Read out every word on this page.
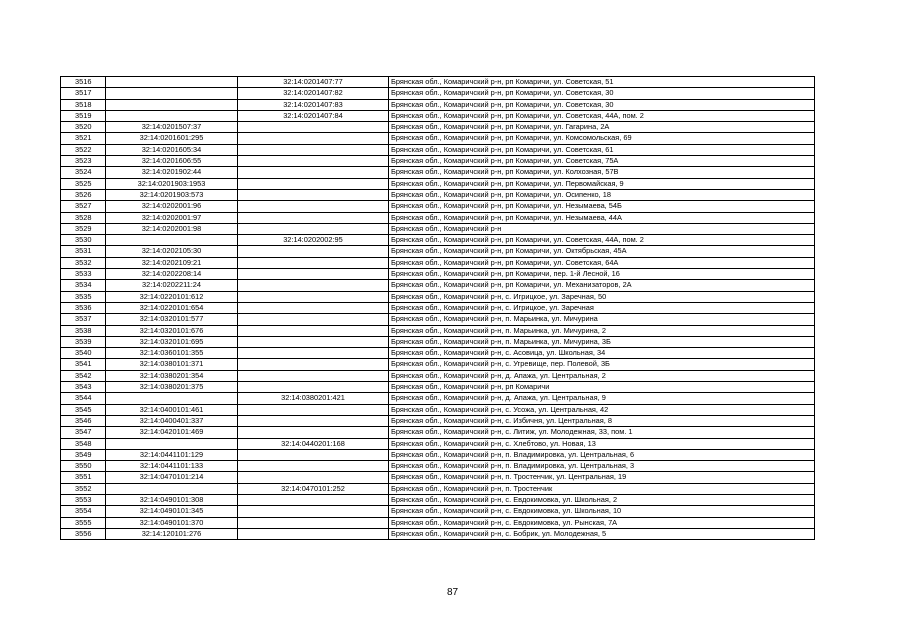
3516		32:14:0201407:77	Брянская обл., Комаричский р-н, рп Комаричи, ул. Советская, 51
3517		32:14:0201407:82	Брянская обл., Комаричский р-н, рп Комаричи, ул. Советская, 30
3518		32:14:0201407:83	Брянская обл., Комаричский р-н, рп Комаричи, ул. Советская, 30
3519		32:14:0201407:84	Брянская обл., Комаричский р-н, рп Комаричи, ул. Советская, 44А, пом. 2
3520	32:14:0201507:37		Брянская обл., Комаричский р-н, рп Комаричи, ул. Гагарина, 2А
3521	32:14:0201601:295		Брянская обл., Комаричский р-н, рп Комаричи, ул. Комсомольская, 69
3522	32:14:0201605:34		Брянская обл., Комаричский р-н, рп Комаричи, ул. Советская, 61
3523	32:14:0201606:55		Брянская обл., Комаричский р-н, рп Комаричи, ул. Советская, 75А
3524	32:14:0201902:44		Брянская обл., Комаричский р-н, рп Комаричи, ул. Колхозная, 57В
3525	32:14:0201903:1953		Брянская обл., Комаричский р-н, рп Комаричи, ул. Первомайская, 9
3526	32:14:0201903:573		Брянская обл., Комаричский р-н, рп Комаричи, ул. Осипенко, 18
3527	32:14:0202001:96		Брянская обл., Комаричский р-н, рп Комаричи, ул. Незымаева, 54Б
3528	32:14:0202001:97		Брянская обл., Комаричский р-н, рп Комаричи, ул. Незымаева, 44А
3529	32:14:0202001:98		Брянская обл., Комаричский р-н
3530		32:14:0202002:95	Брянская обл., Комаричский р-н, рп Комаричи, ул. Советская, 44А, пом. 2
3531	32:14:0202105:30		Брянская обл., Комаричский р-н, рп Комаричи, ул. Октябрьская, 45А
3532	32:14:0202109:21		Брянская обл., Комаричский р-н, рп Комаричи, ул. Советская, 64А
3533	32:14:0202208:14		Брянская обл., Комаричский р-н, рп Комаричи, пер. 1-й Лесной, 16
3534	32:14:0202211:24		Брянская обл., Комаричский р-н, рп Комаричи, ул. Механизаторов, 2А
3535	32:14:0220101:612		Брянская обл., Комаричский р-н, с. Игрицкое, ул. Заречная, 50
3536	32:14:0220101:654		Брянская обл., Комаричский р-н, с. Игрицкое, ул. Заречная
3537	32:14:0320101:577		Брянская обл., Комаричский р-н, п. Марьинка, ул. Мичурина
3538	32:14:0320101:676		Брянская обл., Комаричский р-н, п. Марьинка, ул. Мичурина, 2
3539	32:14:0320101:695		Брянская обл., Комаричский р-н, п. Марьинка, ул. Мичурина, 3Б
3540	32:14:0360101:355		Брянская обл., Комаричский р-н, с. Асовица, ул. Школьная, 34
3541	32:14:0380101:371		Брянская обл., Комаричский р-н, с. Угревище, пер. Полевой, 3Б
3542	32:14:0380201:354		Брянская обл., Комаричский р-н, д. Апажа, ул. Центральная, 2
3543	32:14:0380201:375		Брянская обл., Комаричский р-н, рп Комаричи
3544		32:14:0380201:421	Брянская обл., Комаричский р-н, д. Апажа, ул. Центральная, 9
3545	32:14:0400101:461		Брянская обл., Комаричский р-н, с. Усожа, ул. Центральная, 42
3546	32:14:0400401:337		Брянская обл., Комаричский р-н, с. Избичня, ул. Центральная, 8
3547	32:14:0420101:469		Брянская обл., Комаричский р-н, с. Литиж, ул. Молодежная, 33, пом. 1
3548		32:14:0440201:168	Брянская обл., Комаричский р-н, с. Хлебтово, ул. Новая, 13
3549	32:14:0441101:129		Брянская обл., Комаричский р-н, п. Владимировка, ул. Центральная, 6
3550	32:14:0441101:133		Брянская обл., Комаричский р-н, п. Владимировка, ул. Центральная, 3
3551	32:14:0470101:214		Брянская обл., Комаричский р-н, п. Тростенчик, ул. Центральная, 19
3552		32:14:0470101:252	Брянская обл., Комаричский р-н, п. Тростенчик
3553	32:14:0490101:308		Брянская обл., Комаричский р-н, с. Евдокимовка, ул. Школьная, 2
3554	32:14:0490101:345		Брянская обл., Комаричский р-н, с. Евдокимовка, ул. Школьная, 10
3555	32:14:0490101:370		Брянская обл., Комаричский р-н, с. Евдокимовка, ул. Рынская, 7А
3556	32:14:120101:276		Брянская обл., Комаричский р-н, с. Бобрик, ул. Молодежная, 5
87
